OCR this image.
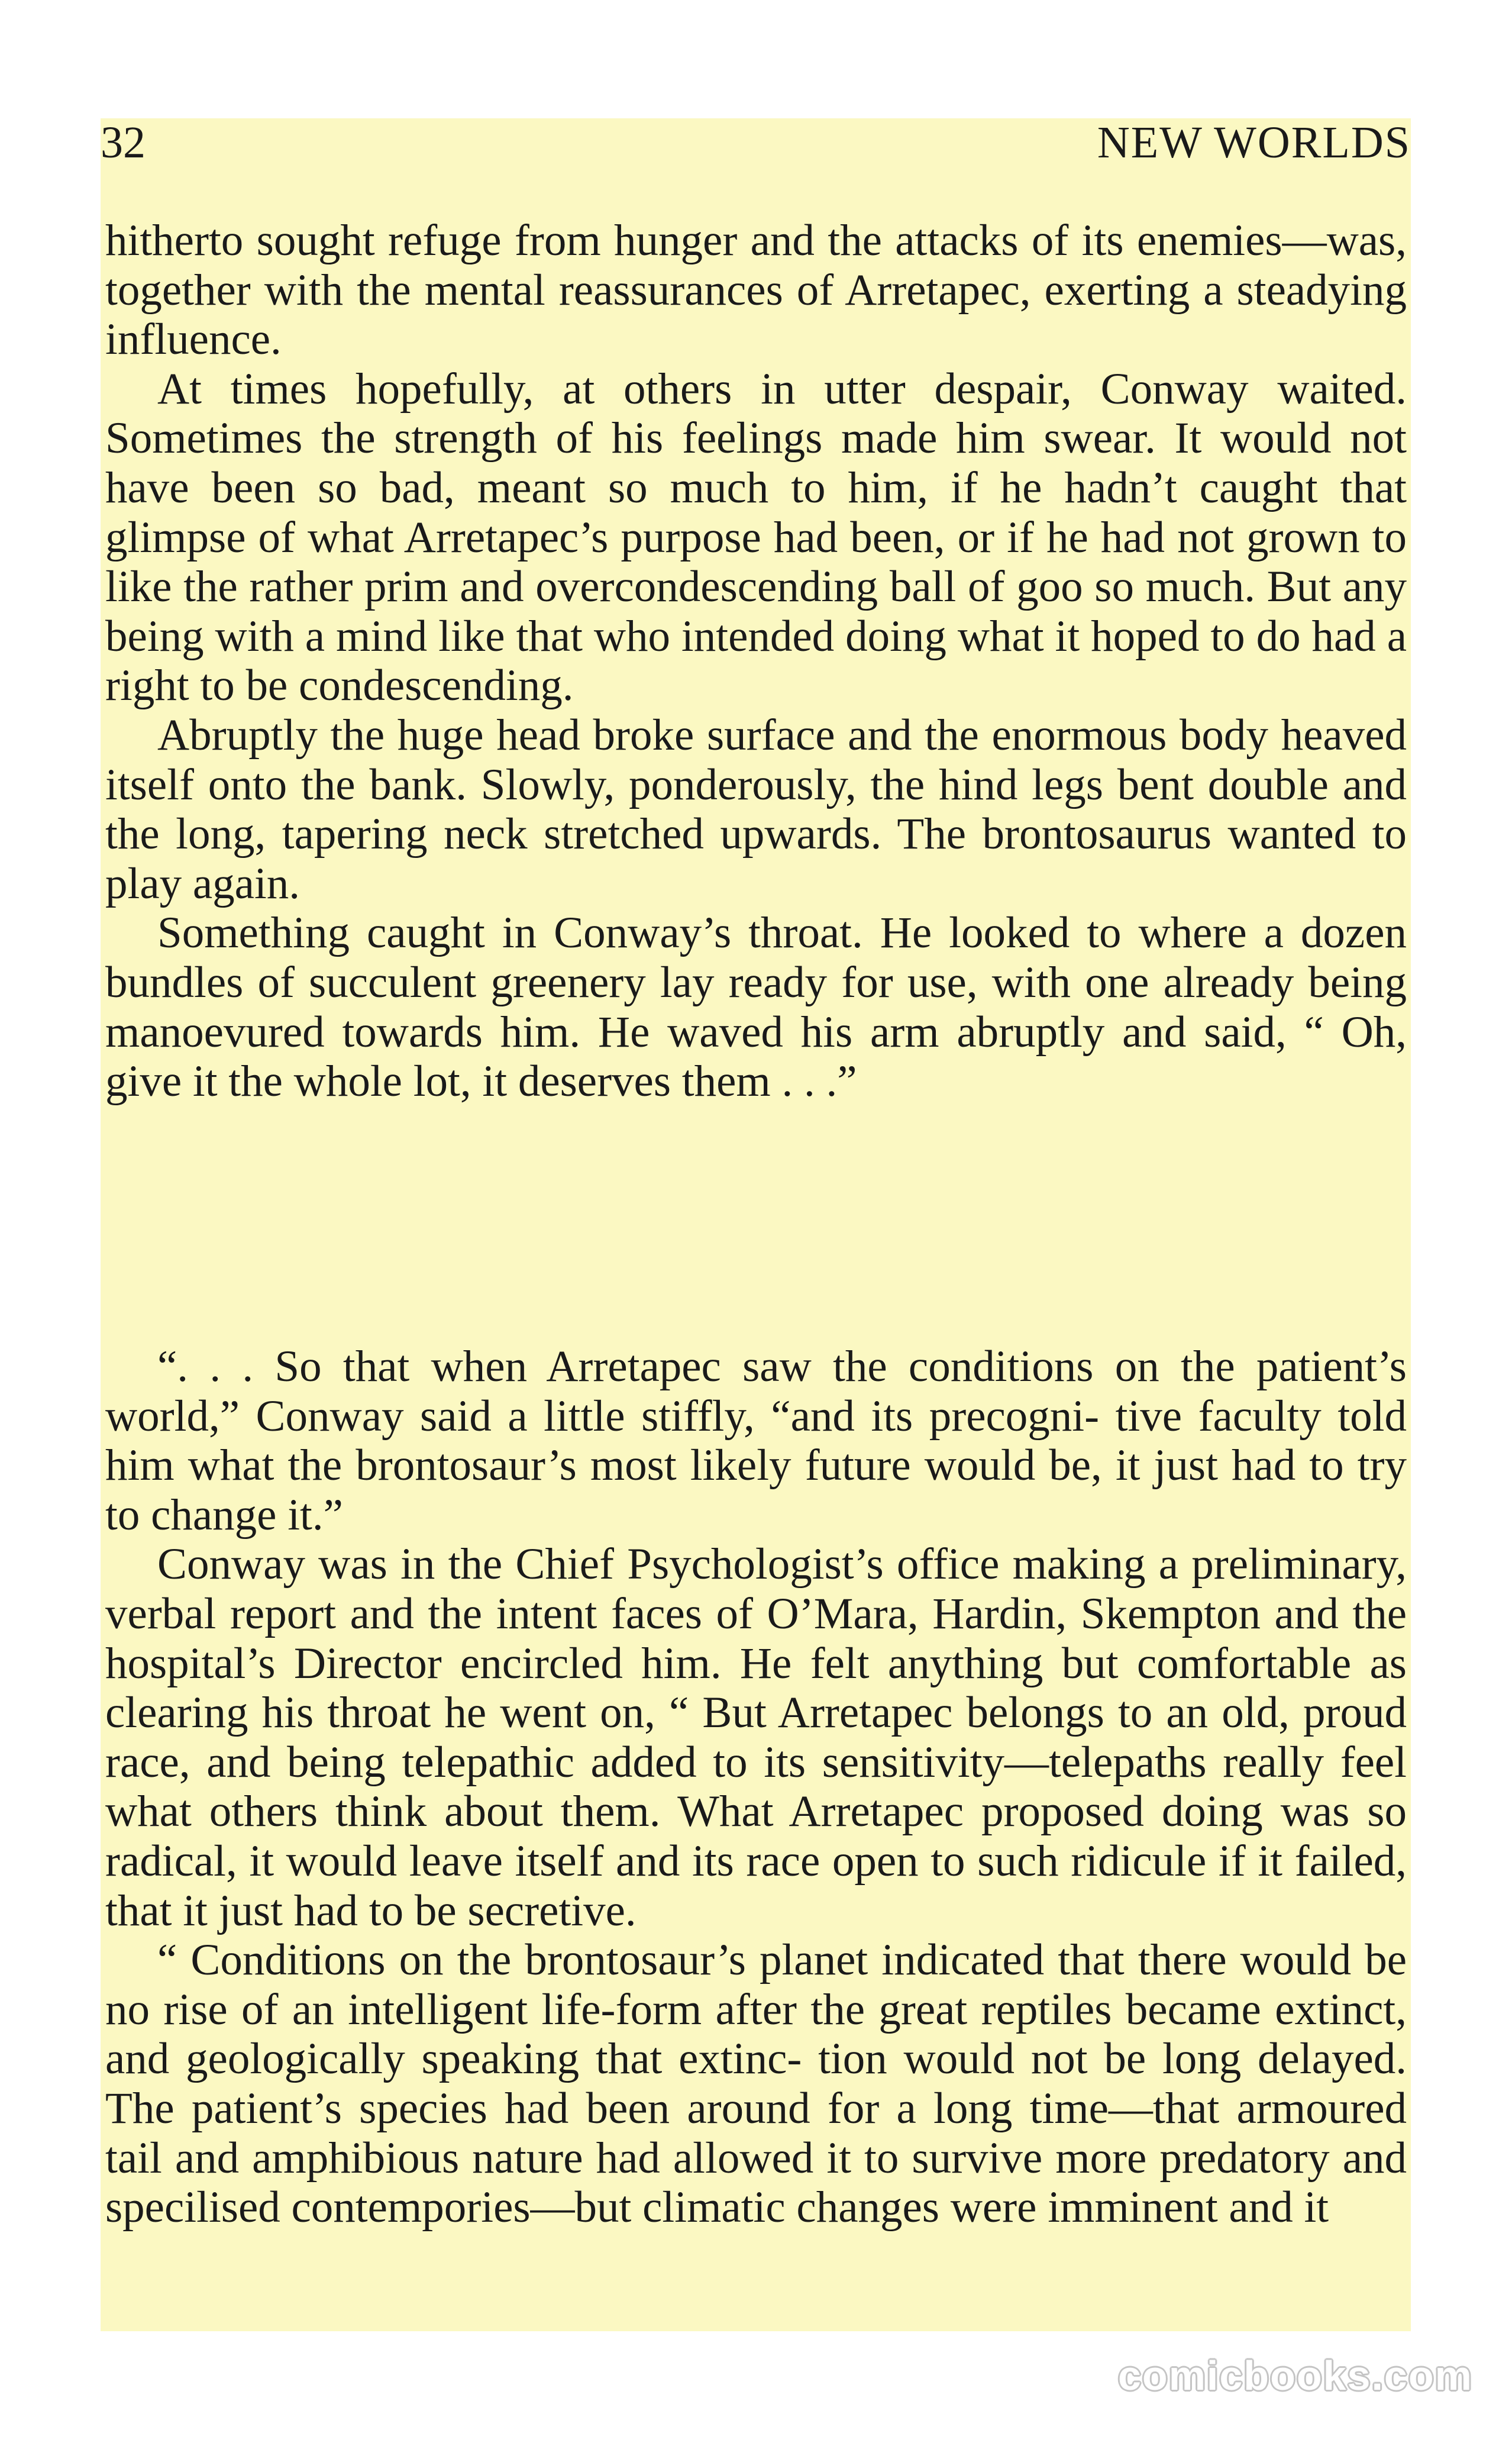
32	NEW WORLDS

hitherto sought refuge from hunger and the attacks of its enemies—was, together with the mental reassurances of Arretapec, exerting a steadying influence.

At times hopefully, at others in utter despair, Conway waited. Sometimes the strength of his feelings made him swear. It would not have been so bad, meant so much to him, if he hadn’t caught that glimpse of what Arretapec’s purpose had been, or if he had not grown to like the rather prim and overcondescending ball of goo so much. But any being with a mind like that who intended doing what it hoped to do had a right to be condescending.

Abruptly the huge head broke surface and the enormous body heaved itself onto the bank. Slowly, ponderously, the hind legs bent double and the long, tapering neck stretched upwards. The brontosaurus wanted to play again.

Something caught in Conway’s throat. He looked to where a dozen bundles of succulent greenery lay ready for use, with one already being manoevured towards him. He waved his arm abruptly and said, “ Oh, give it the whole lot, it deserves them . . .”

“. . . So that when Arretapec saw the conditions on the patient’s world,” Conway said a little stiffly, “and its precogni- tive faculty told him what the brontosaur’s most likely future would be, it just had to try to change it.”

Conway was in the Chief Psychologist’s office making a preliminary, verbal report and the intent faces of O’Mara, Hardin, Skempton and the hospital’s Director encircled him. He felt anything but comfortable as clearing his throat he went on, “ But Arretapec belongs to an old, proud race, and being telepathic added to its sensitivity—telepaths really feel what others think about them. What Arretapec proposed doing was so radical, it would leave itself and its race open to such ridicule if it failed, that it just had to be secretive.

“ Conditions on the brontosaur’s planet indicated that there would be no rise of an intelligent life-form after the great reptiles became extinct, and geologically speaking that extinc- tion would not be long delayed. The patient’s species had been around for a long time—that armoured tail and amphibious nature had allowed it to survive more predatory and specilised contempories—but climatic changes were imminent and it

comicbooks.com
